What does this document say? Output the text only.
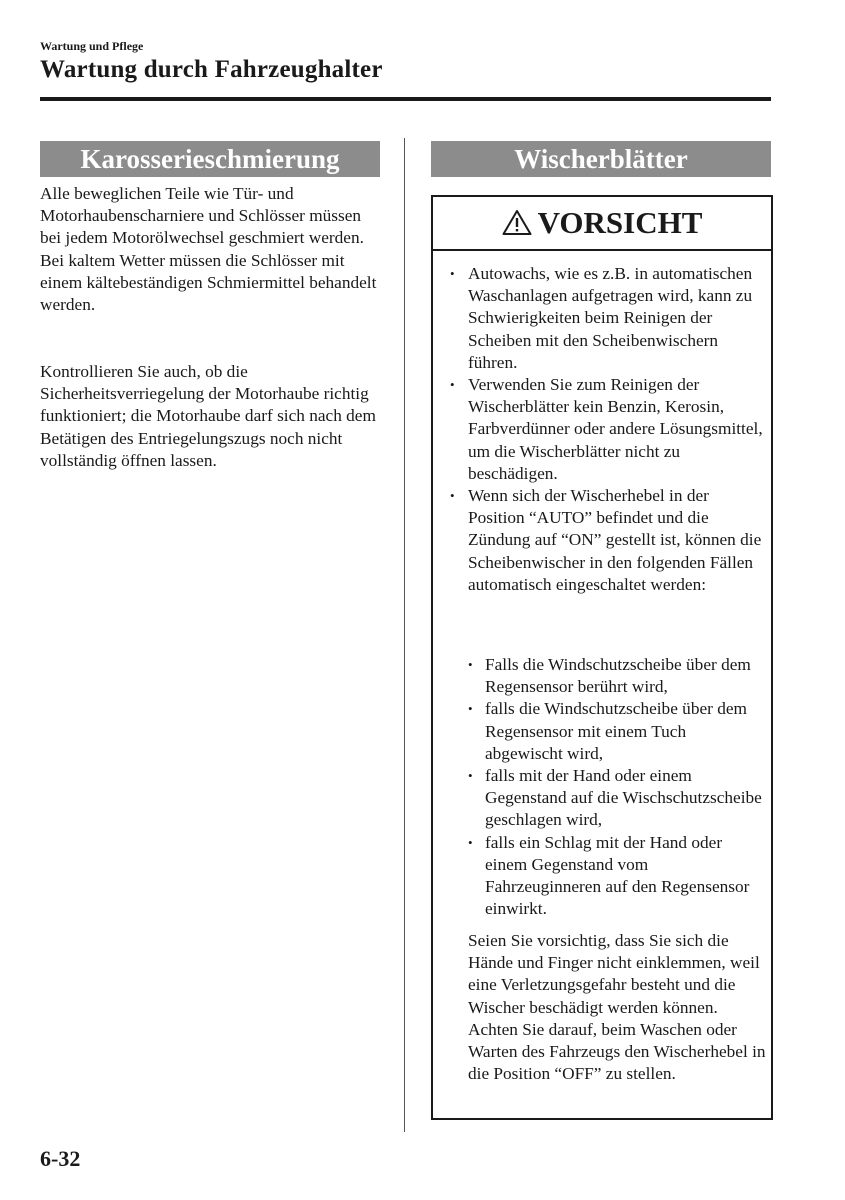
Wartung und Pflege
Wartung durch Fahrzeughalter
Karosserieschmierung

Alle beweglichen Teile wie Tür- und Motorhaubenscharniere und Schlösser müssen bei jedem Motorölwechsel geschmiert werden. Bei kaltem Wetter müssen die Schlösser mit einem kältebeständigen Schmiermittel behandelt werden.

Kontrollieren Sie auch, ob die Sicherheitsverriegelung der Motorhaube richtig funktioniert; die Motorhaube darf sich nach dem Betätigen des Entriegelungszugs noch nicht vollständig öffnen lassen.

Wischerblätter
VORSICHT
• Autowachs, wie es z.B. in automatischen Waschanlagen aufgetragen wird, kann zu Schwierigkeiten beim Reinigen der Scheiben mit den Scheibenwischern führen.
• Verwenden Sie zum Reinigen der Wischerblätter kein Benzin, Kerosin, Farbverdünner oder andere Lösungsmittel, um die Wischerblätter nicht zu beschädigen.
• Wenn sich der Wischerhebel in der Position “AUTO” befindet und die Zündung auf “ON” gestellt ist, können die Scheibenwischer in den folgenden Fällen automatisch eingeschaltet werden:
• Falls die Windschutzscheibe über dem Regensensor berührt wird,
• falls die Windschutzscheibe über dem Regensensor mit einem Tuch abgewischt wird,
• falls mit der Hand oder einem Gegenstand auf die Wischschutzscheibe geschlagen wird,
• falls ein Schlag mit der Hand oder einem Gegenstand vom Fahrzeuginneren auf den Regensensor einwirkt.

Seien Sie vorsichtig, dass Sie sich die Hände und Finger nicht einklemmen, weil eine Verletzungsgefahr besteht und die Wischer beschädigt werden können. Achten Sie darauf, beim Waschen oder Warten des Fahrzeugs den Wischerhebel in die Position “OFF” zu stellen.

6-32
